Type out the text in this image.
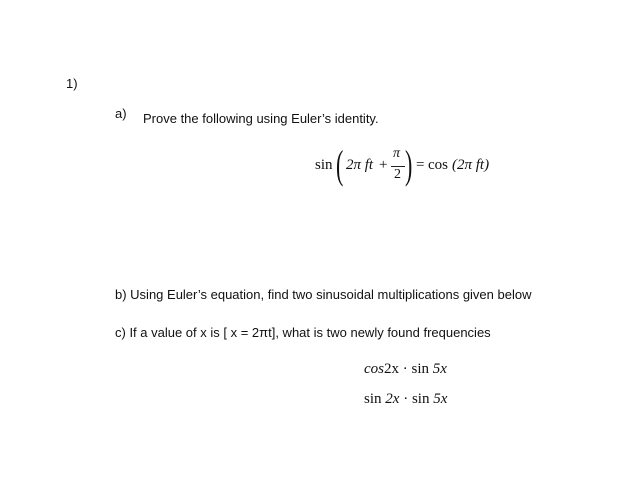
1)
a) Prove the following using Euler’s identity.
sin ( 2π ft +
π
2 ) = cos (2π ft)
b) Using Euler’s equation, find two sinusoidal multiplications given below
c) If a value of x is [ x = 2πt], what is two newly found frequencies
cos2x · sin 5x
sin 2x · sin 5x
